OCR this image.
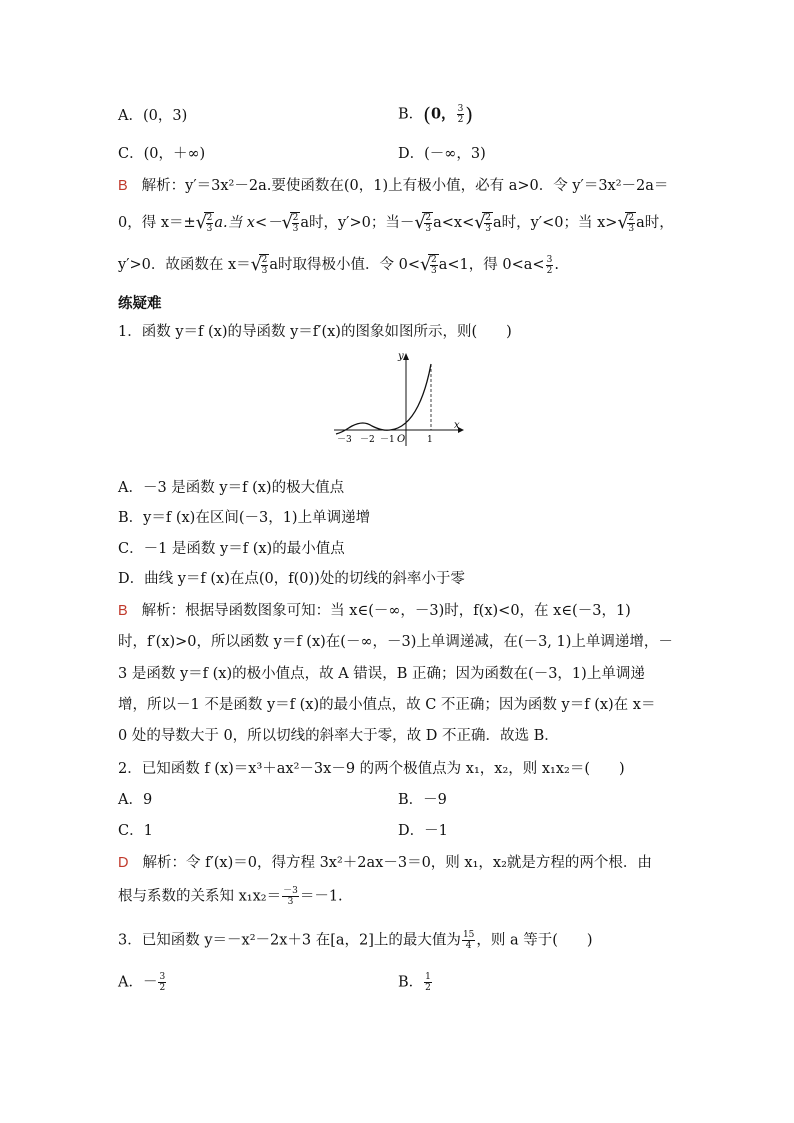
A．(0，3)	B．(0， $\frac{3}{2}$ )
C．(0，＋∞)	D．(－∞，3)
B 解析：y′＝3x²－2a.要使函数在(0，1)上有极小值，必有 a>0．令 y′＝3x²－2a＝
0，得 x＝± √ $\frac{2}{3} a$.当 x<－ √ $\frac{2}{3}$ a时，y′>0；当－ √ $\frac{2}{3} a<x<$ √ $\frac{2}{3}$ a时，y′<0；当 x> √ $\frac{2}{3}$ a时，
y′>0．故函数在 x＝ √ $\frac{2}{3}$ a时取得极小值．令 0< √ $\frac{2}{3} a<1$，得 $0<a< \frac{3}{2}$ .
练疑难
1．函数 y＝f (x)的导函数 y＝f′(x)的图象如图所示，则(　　)
y
x
O
－3 －2 －1	1
A．－3 是函数 y＝f (x)的极大值点
B．y＝f (x)在区间(－3，1)上单调递增
C．－1 是函数 y＝f (x)的最小值点
D．曲线 y＝f (x)在点(0，f(0))处的切线的斜率小于零
B 解析：根据导函数图象可知：当 x∈(－∞，－3)时，f(x)<0，在 x∈(－3，1)
时，f′(x)>0，所以函数 y＝f (x)在(－∞，－3)上单调递减，在(－3, 1)上单调递增，－
3 是函数 y＝f (x)的极小值点，故 A 错误，B 正确；因为函数在(－3，1)上单调递
增，所以－1 不是函数 y＝f (x)的最小值点，故 C 不正确；因为函数 y＝f (x)在 x＝
0 处的导数大于 0，所以切线的斜率大于零，故 D 不正确．故选 B．
2．已知函数 f (x)＝x³＋ax²－3x－9 的两个极值点为 x₁，x₂，则 x₁x₂＝(　　)
A．9	B．－9
C．1	D．－1
D 解析：令 f′(x)＝0，得方程 3x²＋2ax－3＝0，则 x₁，x₂就是方程的两个根．由
根与系数的关系知 $x_1x_2= \frac{-3}{3} =-1$.
3．已知函数 y＝－x²－2x＋3 在[a，2]上的最大值为 $\frac{15}{4}$ ，则 a 等于(　　)
A．－ $\frac{3}{2}$	B． $\frac{1}{2}$
